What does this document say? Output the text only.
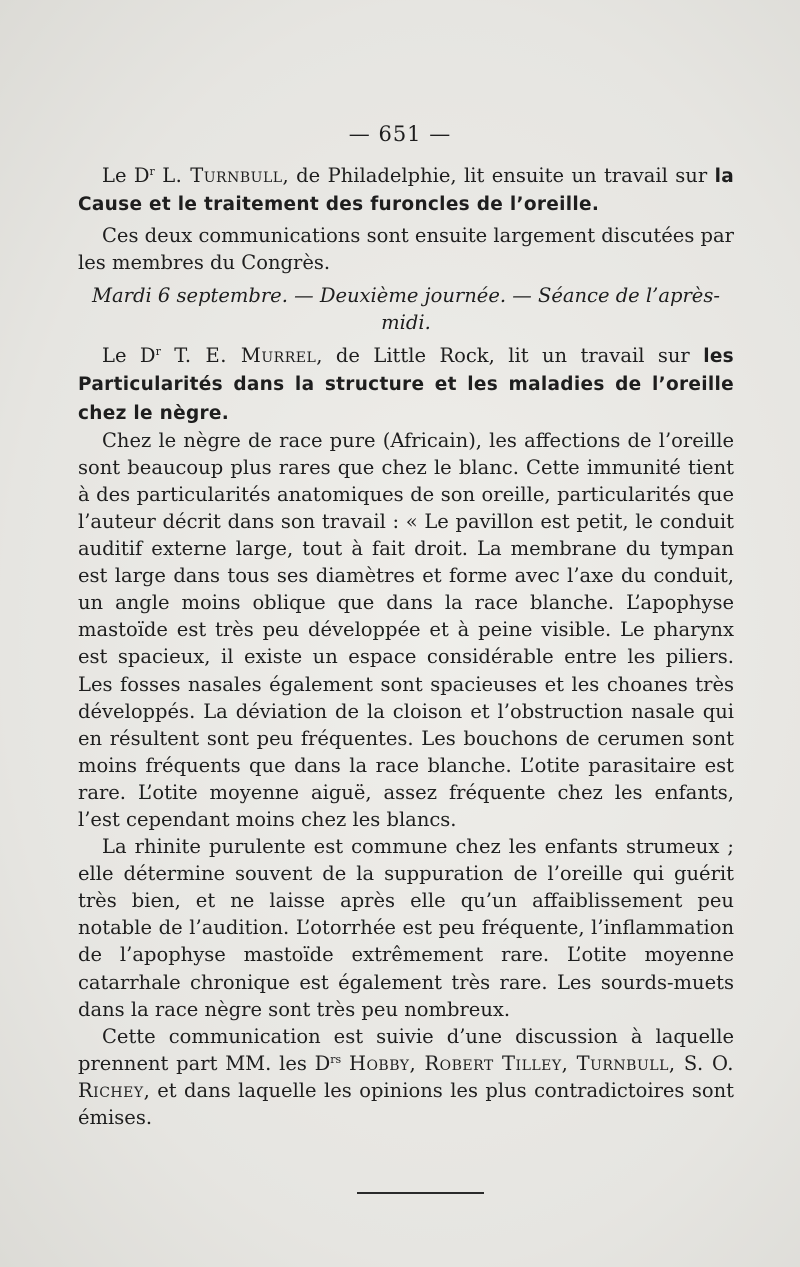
— 651 —

Le $D^r$ L. Turnbull, de Philadelphie, lit ensuite un travail sur la Cause et le traitement des furoncles de l’oreille.

Ces deux communications sont ensuite largement discutées par les membres du Congrès.

Mardi 6 septembre. — Deuxième journée. — Séance de l’après-
midi.

Le $D^r$ T. E. Murrel, de Little Rock, lit un travail sur les Particularités dans la structure et les maladies de l’oreille chez le nègre.

Chez le nègre de race pure (Africain), les affections de l’oreille sont beaucoup plus rares que chez le blanc. Cette immunité tient à des particularités anatomiques de son oreille, particularités que l’auteur décrit dans son travail : « Le pavillon est petit, le conduit auditif externe large, tout à fait droit. La membrane du tympan est large dans tous ses diamètres et forme avec l’axe du conduit, un angle moins oblique que dans la race blanche. L’apophyse mastoïde est très peu développée et à peine visible. Le pharynx est spacieux, il existe un espace considérable entre les piliers. Les fosses nasales également sont spacieuses et les choanes très développés. La déviation de la cloison et l’obstruction nasale qui en résultent sont peu fréquentes. Les bouchons de cerumen sont moins fréquents que dans la race blanche. L’otite parasitaire est rare. L’otite moyenne aiguë, assez fréquente chez les enfants, l’est cependant moins chez les blancs.

La rhinite purulente est commune chez les enfants strumeux ; elle détermine souvent de la suppuration de l’oreille qui guérit très bien, et ne laisse après elle qu’un affaiblissement peu notable de l’audition. L’otorrhée est peu fréquente, l’inflammation de l’apophyse mastoïde extrêmement rare. L’otite moyenne catarrhale chronique est également très rare. Les sourds-muets dans la race nègre sont très peu nombreux.

Cette communication est suivie d’une discussion à laquelle prennent part MM. les $D^{rs}$ Hobby, Robert Tilley, Turnbull, S. O. Richey, et dans laquelle les opinions les plus contradictoires sont émises.
